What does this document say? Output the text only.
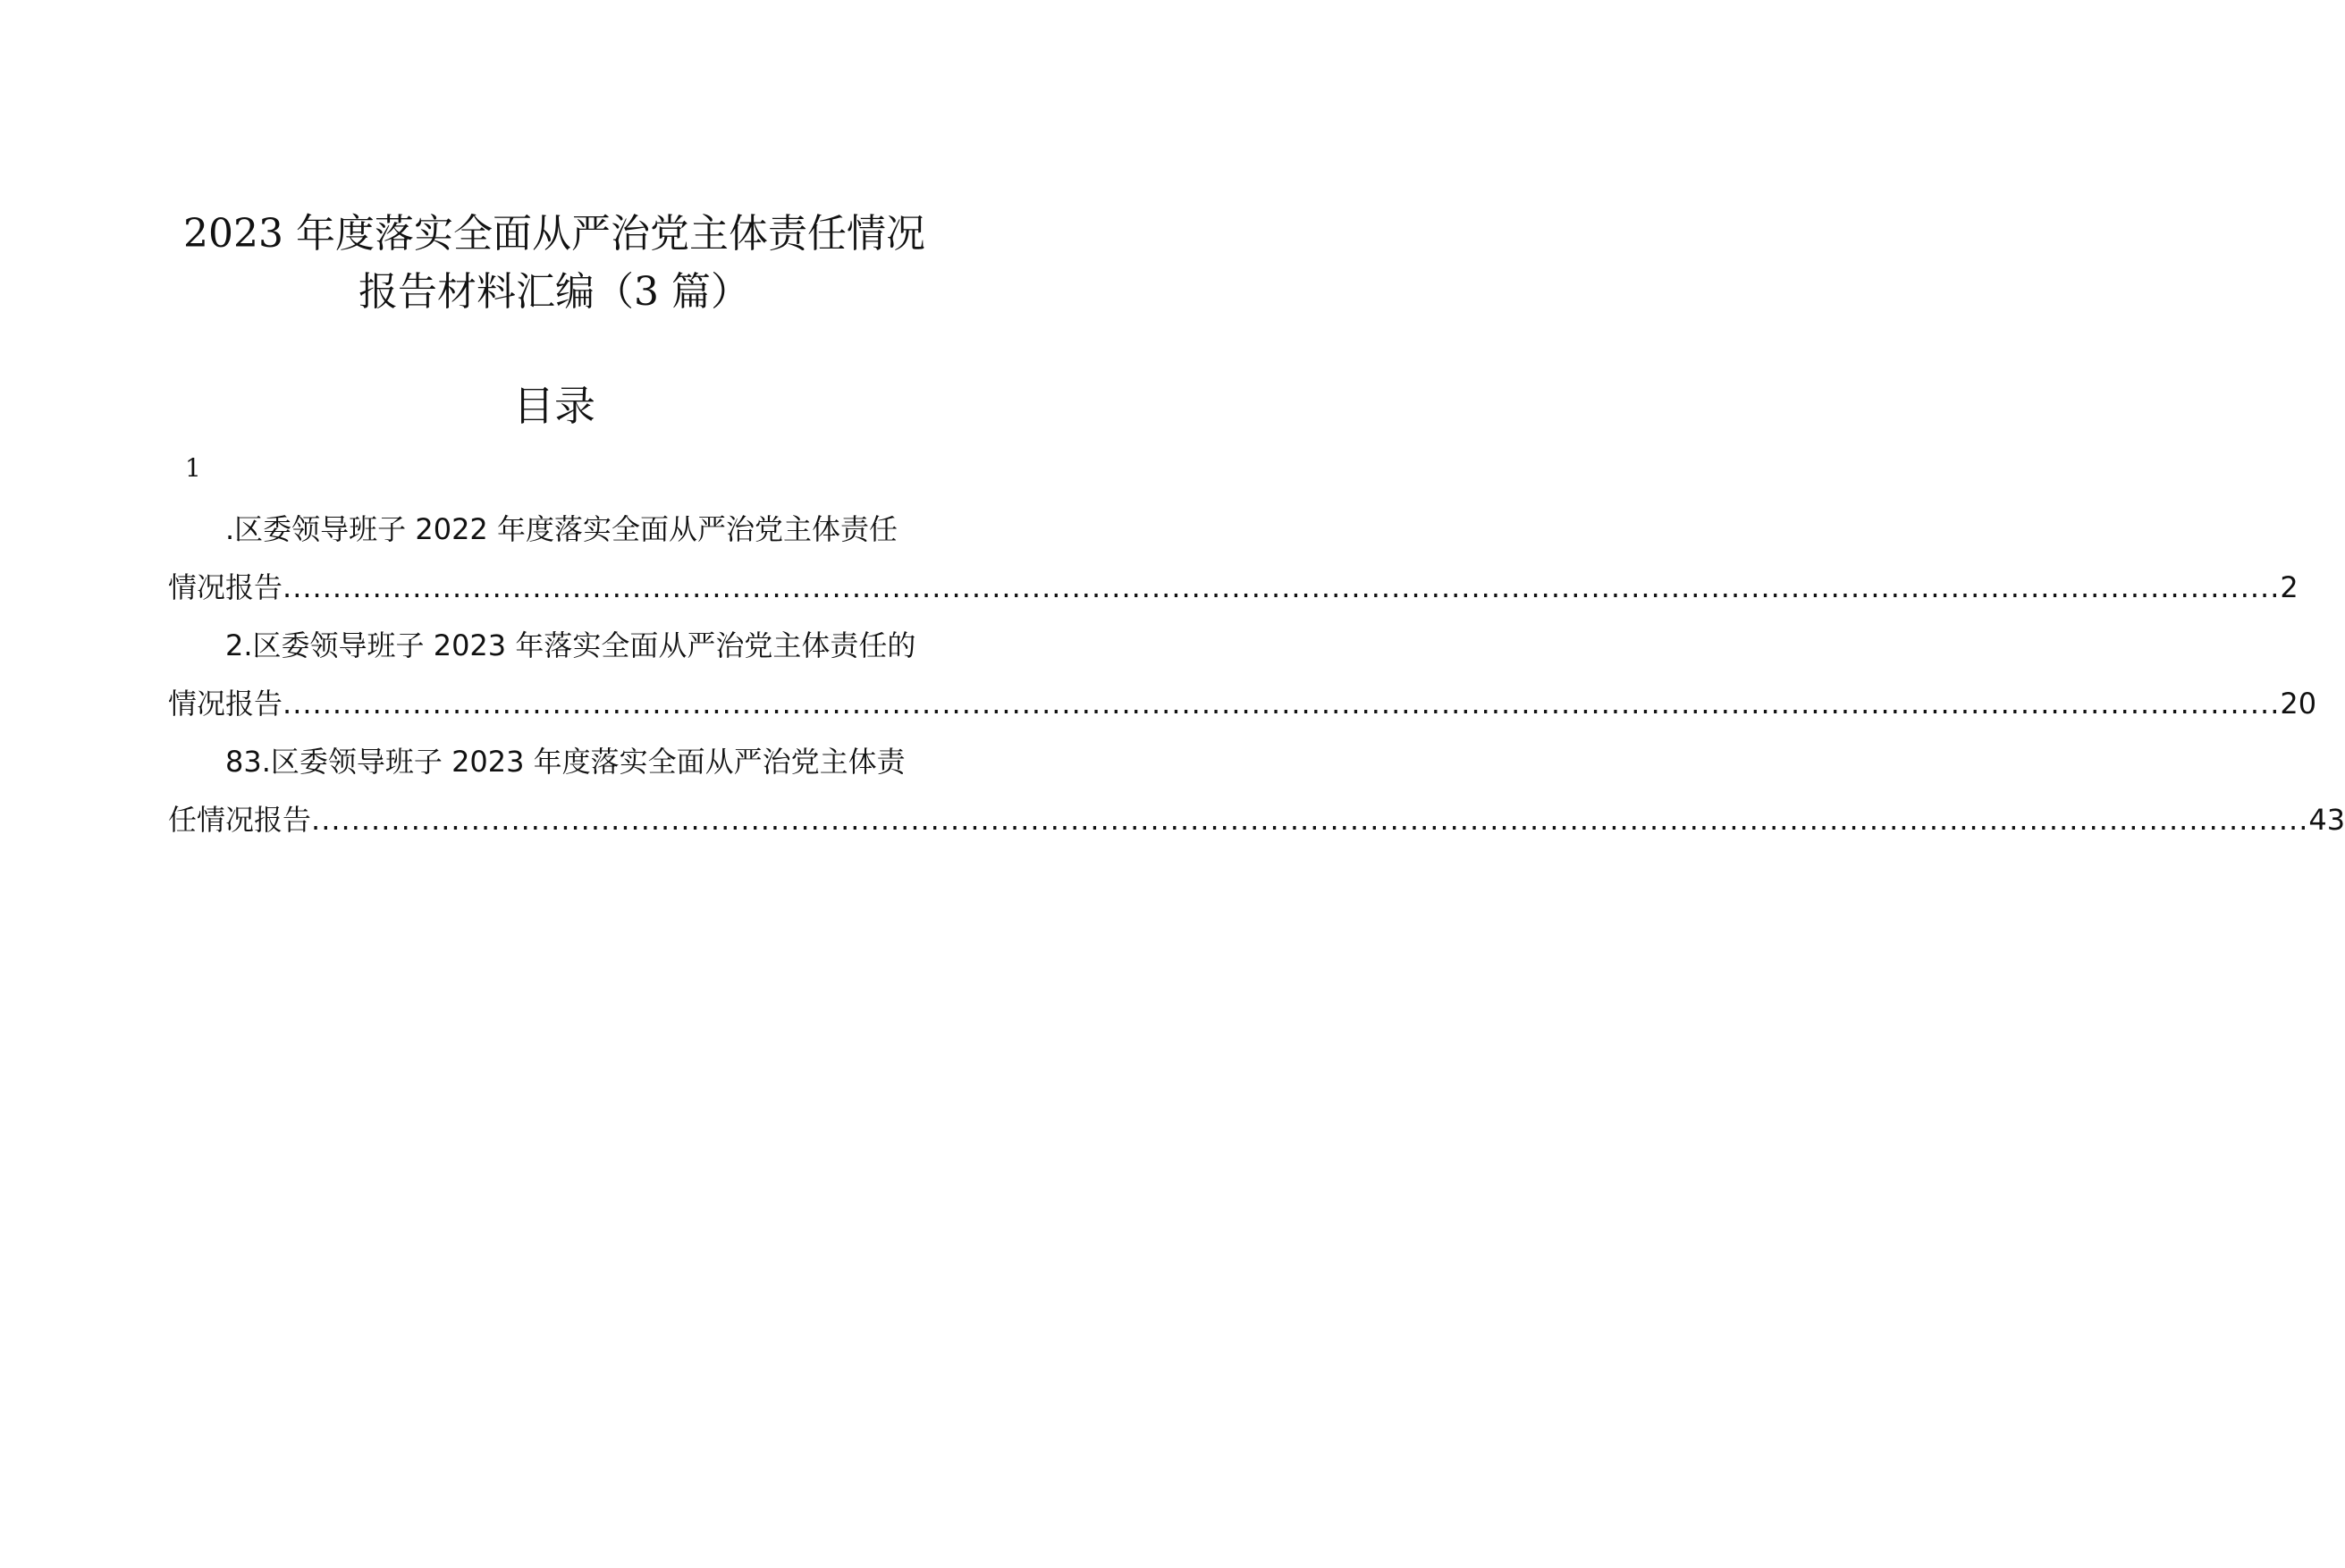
2023 年度落实全面从严治党主体责任情况
报告材料汇编（3 篇）
目录
1
.区委领导班子 2022 年度落实全面从严治党主体责任
情况报告 ........................................................................................................................................................................................................ 2
2.区委领导班子 2023 年落实全面从严治党主体责任的
情况报告 ........................................................................................................................................................................................................ 20
83.区委领导班子 2023 年度落实全面从严治党主体责
任情况报告 ........................................................................................................................................................................................................ 43
